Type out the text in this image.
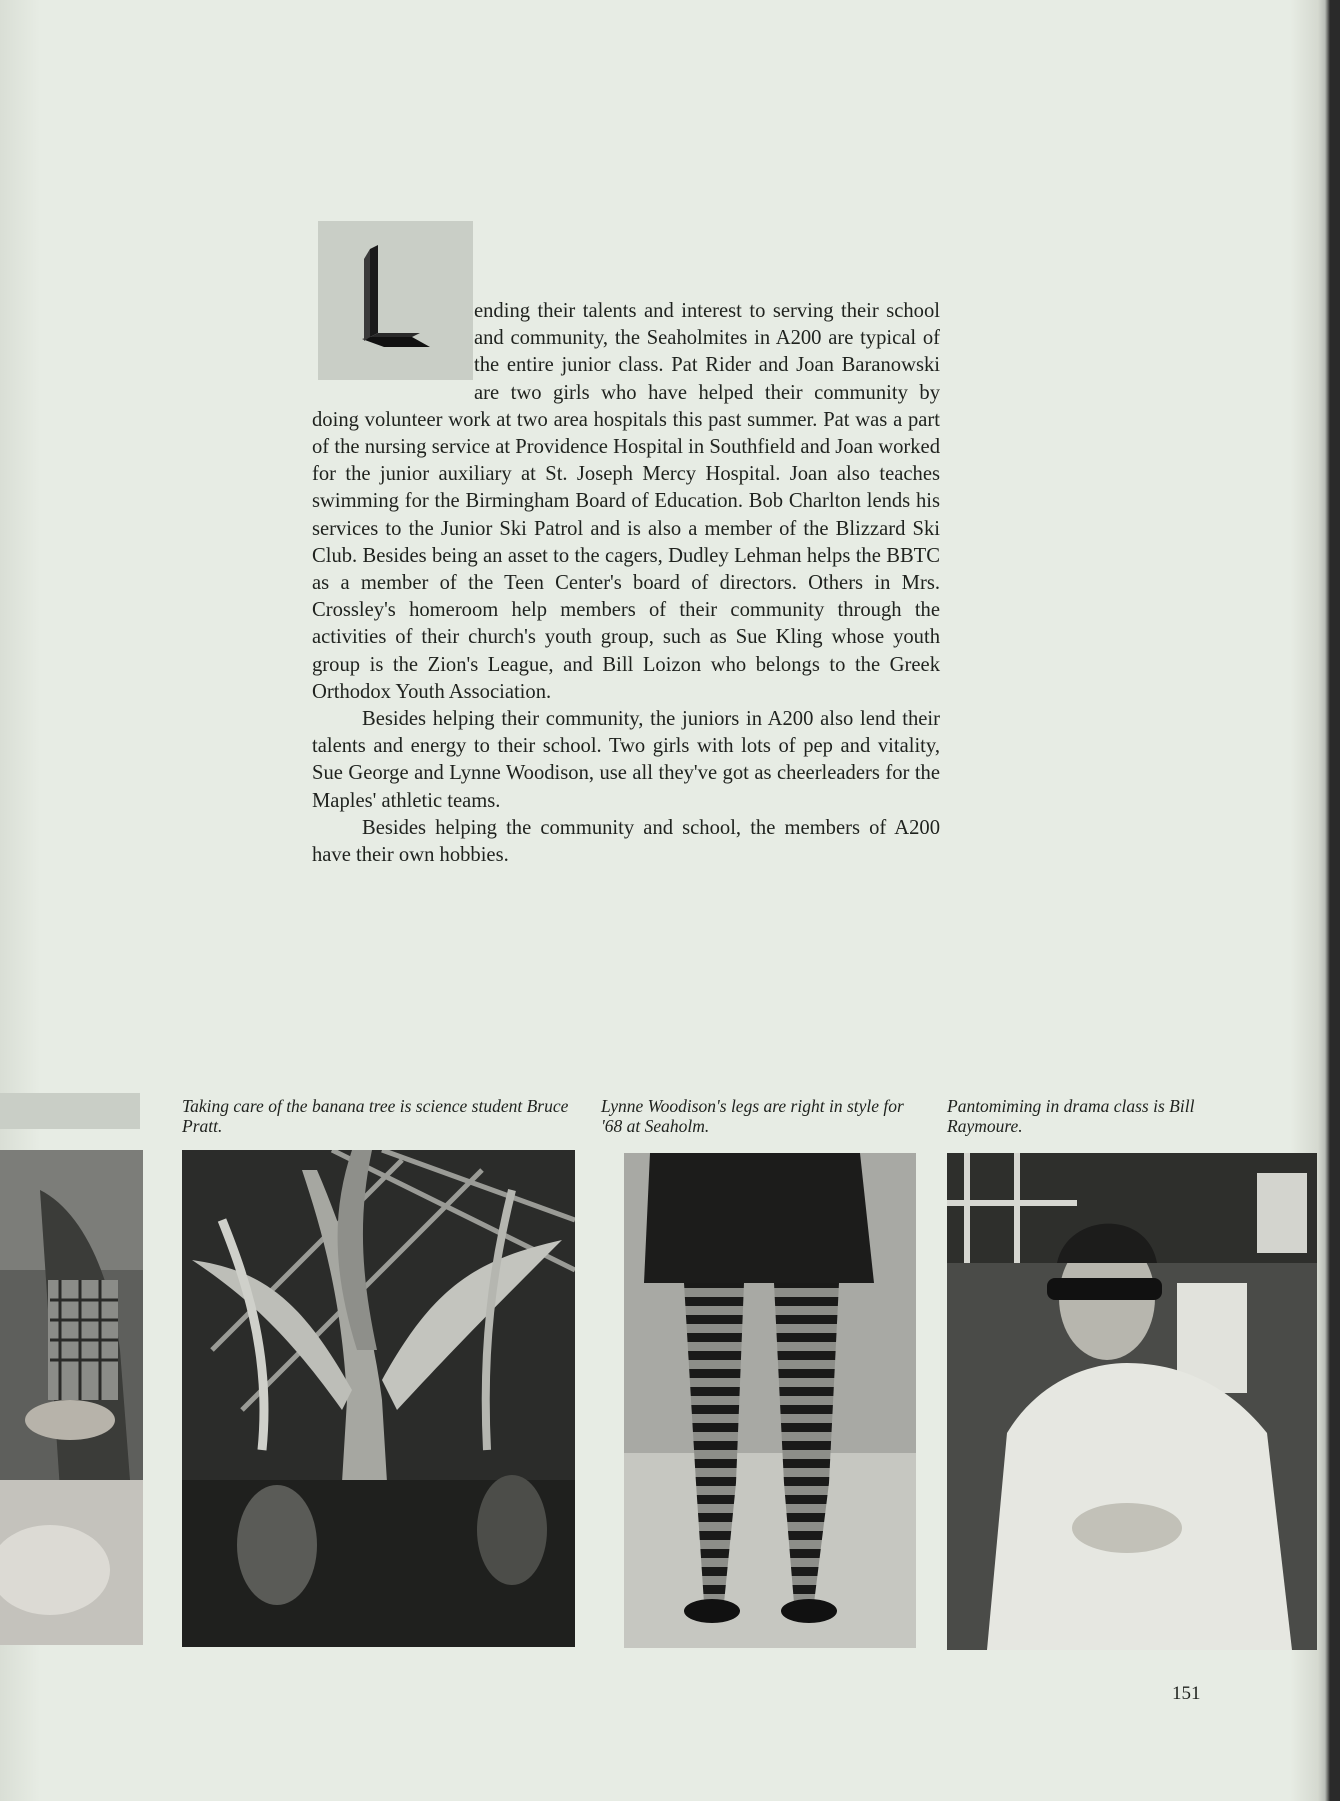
ending their talents and interest to serving their school and community, the Seaholmites in A200 are typical of the entire junior class. Pat Rider and Joan Baranowski are two girls who have helped their community by doing volunteer work at two area hospitals this past summer. Pat was a part of the nursing service at Providence Hospital in Southfield and Joan worked for the junior auxiliary at St. Joseph Mercy Hospital. Joan also teaches swimming for the Birmingham Board of Education. Bob Charlton lends his services to the Junior Ski Patrol and is also a member of the Blizzard Ski Club. Besides being an asset to the cagers, Dudley Lehman helps the BBTC as a member of the Teen Center's board of directors. Others in Mrs. Crossley's homeroom help members of their community through the activities of their church's youth group, such as Sue Kling whose youth group is the Zion's League, and Bill Loizon who belongs to the Greek Orthodox Youth Association.

Besides helping their community, the juniors in A200 also lend their talents and energy to their school. Two girls with lots of pep and vitality, Sue George and Lynne Woodison, use all they've got as cheerleaders for the Maples' athletic teams.

Besides helping the community and school, the members of A200 have their own hobbies.

Taking care of the banana tree is science student Bruce Pratt.
Lynne Woodison's legs are right in style for '68 at Seaholm.
Pantomiming in drama class is Bill Raymoure.
151
